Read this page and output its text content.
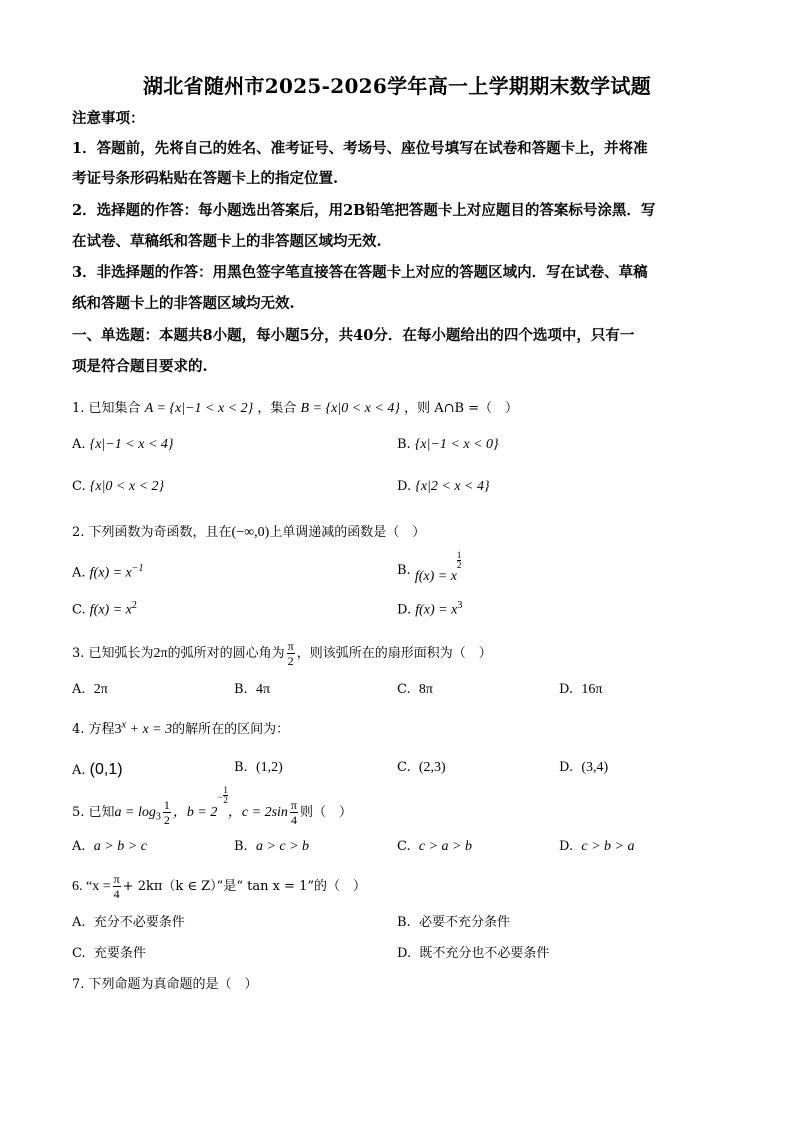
湖北省随州市2025-2026学年高一上学期期末数学试题
注意事项：
1．答题前，先将自己的姓名、准考证号、考场号、座位号填写在试卷和答题卡上，并将准
考证号条形码粘贴在答题卡上的指定位置.
2．选择题的作答：每小题选出答案后，用2B铅笔把答题卡上对应题目的答案标号涂黑．写
在试卷、草稿纸和答题卡上的非答题区域均无效.
3．非选择题的作答：用黑色签字笔直接答在答题卡上对应的答题区域内．写在试卷、草稿
纸和答题卡上的非答题区域均无效.
一、单选题：本题共8小题，每小题5分，共40分．在每小题给出的四个选项中，只有一
项是符合题目要求的.
1. 已知集合 A = {x|−1 < x < 2} ，集合 B = {x|0 < x < 4} ，则 A∩B =（　）
A. {x|−1 < x < 4}	B. {x|−1 < x < 0}
C. {x|0 < x < 2}	D. {x|2 < x < 4}
2. 下列函数为奇函数，且在(−∞,0)上单调递减的函数是（　）
A. $f(x) = x^{-1}$	B. f(x) = x
$\frac{1}{2}$
C. $f(x) = x^2$	D. $f(x) = x^3$
3. 已知弧长为2π的弧所对的圆心角为 $\frac{\pi}{2}$ ，则该弧所在的扇形面积为（　）
A. 2π	B. 4π	C. 8π	D. 16π
4. 方程$3^x + x = 3$的解所在的区间为：
A. (0,1)	B. (1,2)	C. (2,3)	D. (3,4)
5. 已知$a = \log_3 \frac{1}{2}$ ，$b = 2^- \frac{1}{2}$
，$c = 2\sin \frac{\pi}{4}$ 则（　）
A. a > b > c	B. a > c > b	C. c > a > b	D. c > b > a
6. “$x = \frac{\pi}{4} + 2k\pi(k$ ∈ Z）”是“ tan x = 1”的（　）
A. 充分不必要条件	B. 必要不充分条件
C. 充要条件	D. 既不充分也不必要条件
7. 下列命题为真命题的是（　）
